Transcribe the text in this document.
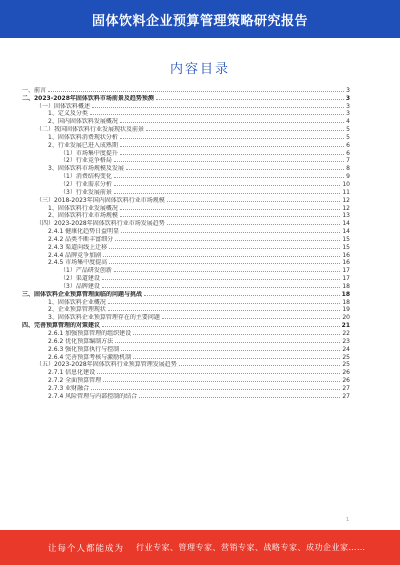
固体饮料企业预算管理策略研究报告
内容目录
一、前言	3
二、2023-2028年固体饮料市场前景及趋势预测	3
（一）固体饮料概述	3
1、定义及分类	3
2、国内固体饮料发展概况	4
（二）我国固体饮料行业发展现状及前景	5
1、固体饮料消费现状分析	5
2、行业发展已进入成熟期	6
（1）市场集中度提升	6
（2）行业竞争格局	7
3、固体饮料市场规模及发展	8
（1）消费结构变化	9
（2）行业需求分析	10
（3）行业发展前景	11
（三）2018-2023年国内固体饮料行业市场规模	12
1、固体饮料行业发展概况	12
2、固体饮料行业市场规模	13
（四）2023-2028年固体饮料行业市场发展趋势	14
2.4.1 健康化趋势日益明显	14
2.4.2 品类不断丰富细分	15
2.4.3 渠道向线上迁移	15
2.4.4 品牌竞争加剧	16
2.4.5 市场集中度提高	16
（1）产品研发创新	17
（2）渠道建设	17
（3）品牌建设	18
三、固体饮料企业预算管理面临的问题与挑战	18
1、固体饮料企业概况	18
2、企业预算管理现状	19
3、固体饮料企业预算管理存在的主要问题	20
四、完善预算管理的对策建议	21
2.6.1 加强预算管理的组织建设	22
2.6.2 优化预算编制方法	23
2.6.3 强化预算执行与控制	24
2.6.4 完善预算考核与激励机制	25
（五）2023-2028年固体饮料行业预算管理发展趋势	25
2.7.1 信息化建设	26
2.7.2 全面预算管理	26
2.7.3 业财融合	27
2.7.4 风险管理与内部控制的结合	27
1
让每个人都能成为 行业专家、管理专家、营销专家、战略专家、成功企业家……
